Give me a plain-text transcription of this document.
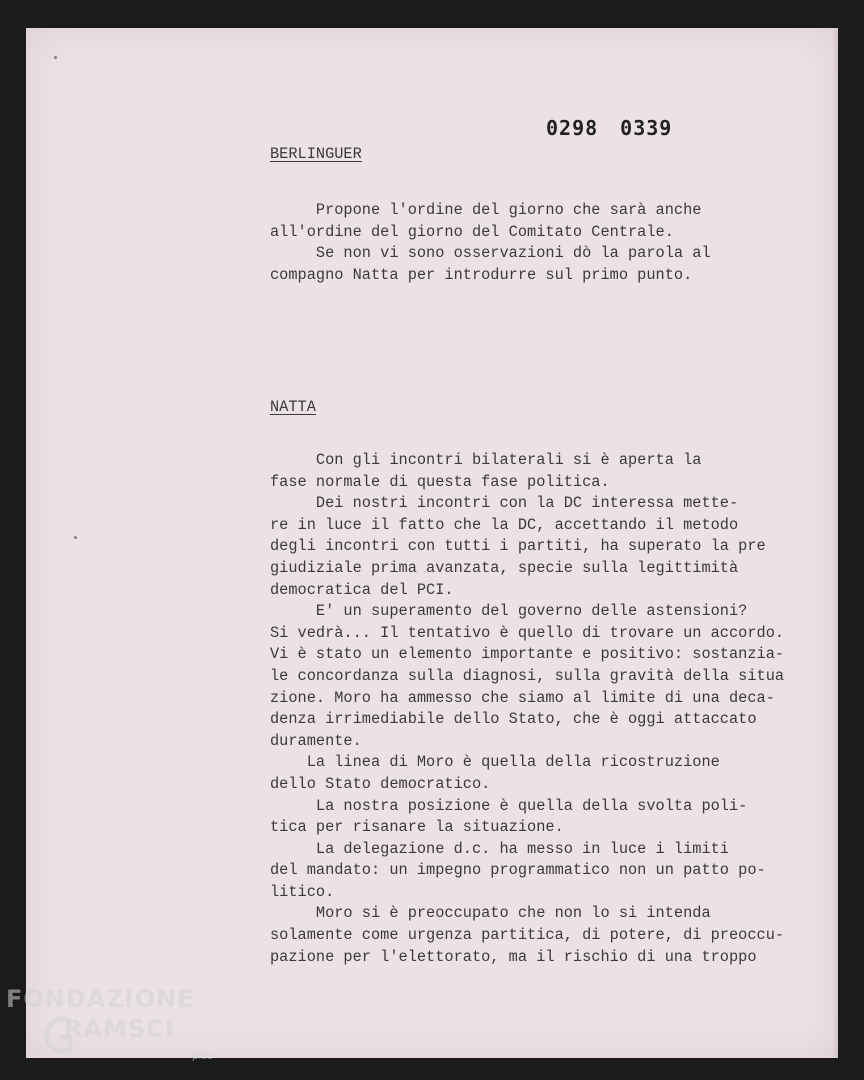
0298 0339
BERLINGUER
Propone l'ordine del giorno che sarà anche
all'ordine del giorno del Comitato Centrale.
Se non vi sono osservazioni dò la parola al
compagno Natta per introdurre sul primo punto.
NATTA
Con gli incontri bilaterali si è aperta la
fase normale di questa fase politica.
Dei nostri incontri con la DC interessa mette-
re in luce il fatto che la DC, accettando il metodo
degli incontri con tutti i partiti, ha superato la pre
giudiziale prima avanzata, specie sulla legittimità
democratica del PCI.
E' un superamento del governo delle astensioni?
Si vedrà... Il tentativo è quello di trovare un accordo.
Vi è stato un elemento importante e positivo: sostanzia-
le concordanza sulla diagnosi, sulla gravità della situa
zione. Moro ha ammesso che siamo al limite di una deca-
denza irrimediabile dello Stato, che è oggi attaccato
duramente.
La linea di Moro è quella della ricostruzione
dello Stato democratico.
La nostra posizione è quella della svolta poli-
tica per risanare la situazione.
La delegazione d.c. ha messo in luce i limiti
del mandato: un impegno programmatico non un patto po-
litico.
Moro si è preoccupato che non lo si intenda
solamente come urgenza partitica, di potere, di preoccu-
pazione per l'elettorato, ma il rischio di una troppo
FONDAZIONE
RAMSCI
plus
